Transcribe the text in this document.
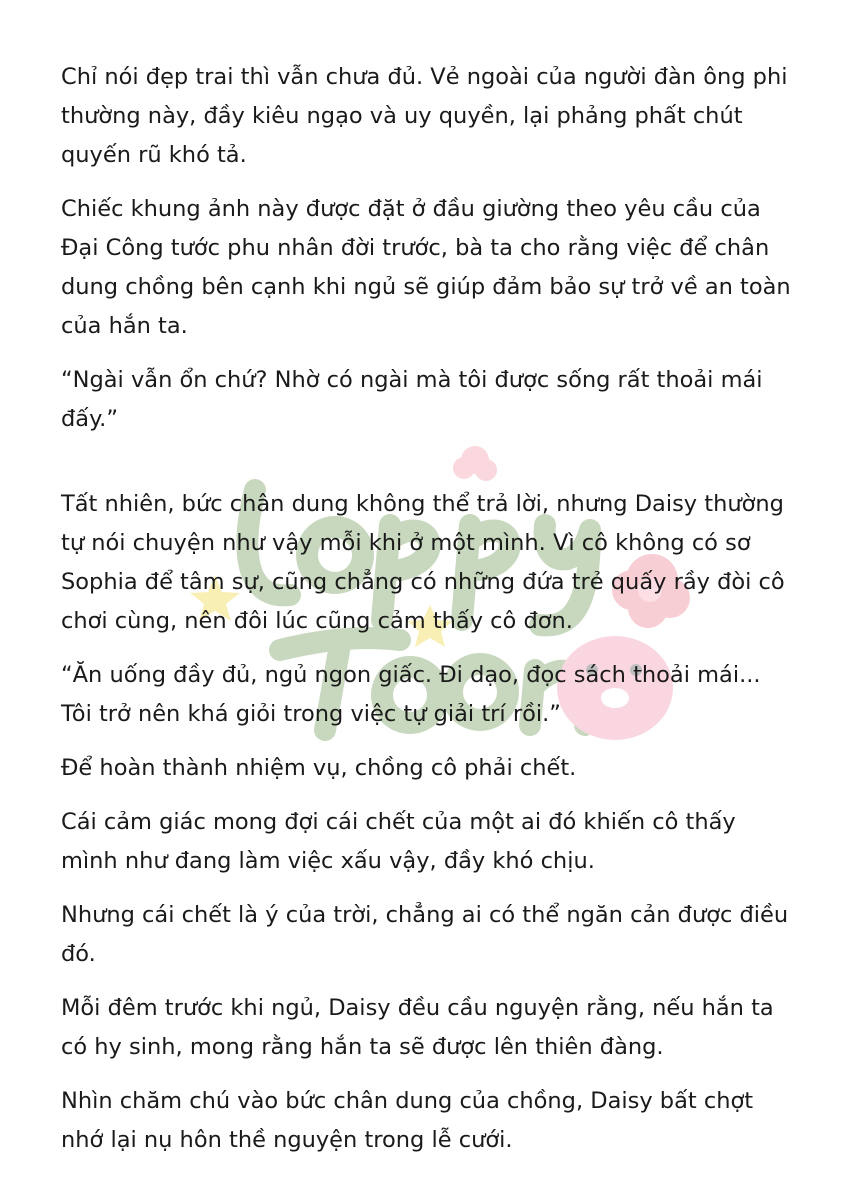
Chỉ nói đẹp trai thì vẫn chưa đủ. Vẻ ngoài của người đàn ông phi thường này, đầy kiêu ngạo và uy quyền, lại phảng phất chút quyến rũ khó tả.

Chiếc khung ảnh này được đặt ở đầu giường theo yêu cầu của Đại Công tước phu nhân đời trước, bà ta cho rằng việc để chân dung chồng bên cạnh khi ngủ sẽ giúp đảm bảo sự trở về an toàn của hắn ta.

“Ngài vẫn ổn chứ? Nhờ có ngài mà tôi được sống rất thoải mái đấy.”

Tất nhiên, bức chân dung không thể trả lời, nhưng Daisy thường tự nói chuyện như vậy mỗi khi ở một mình. Vì cô không có sơ Sophia để tâm sự, cũng chẳng có những đứa trẻ quấy rầy đòi cô chơi cùng, nên đôi lúc cũng cảm thấy cô đơn.

“Ăn uống đầy đủ, ngủ ngon giấc. Đi dạo, đọc sách thoải mái... Tôi trở nên khá giỏi trong việc tự giải trí rồi.”

Để hoàn thành nhiệm vụ, chồng cô phải chết.

Cái cảm giác mong đợi cái chết của một ai đó khiến cô thấy mình như đang làm việc xấu vậy, đầy khó chịu.

Nhưng cái chết là ý của trời, chẳng ai có thể ngăn cản được điều đó.

Mỗi đêm trước khi ngủ, Daisy đều cầu nguyện rằng, nếu hắn ta có hy sinh, mong rằng hắn ta sẽ được lên thiên đàng.

Nhìn chăm chú vào bức chân dung của chồng, Daisy bất chợt nhớ lại nụ hôn thề nguyện trong lễ cưới.
